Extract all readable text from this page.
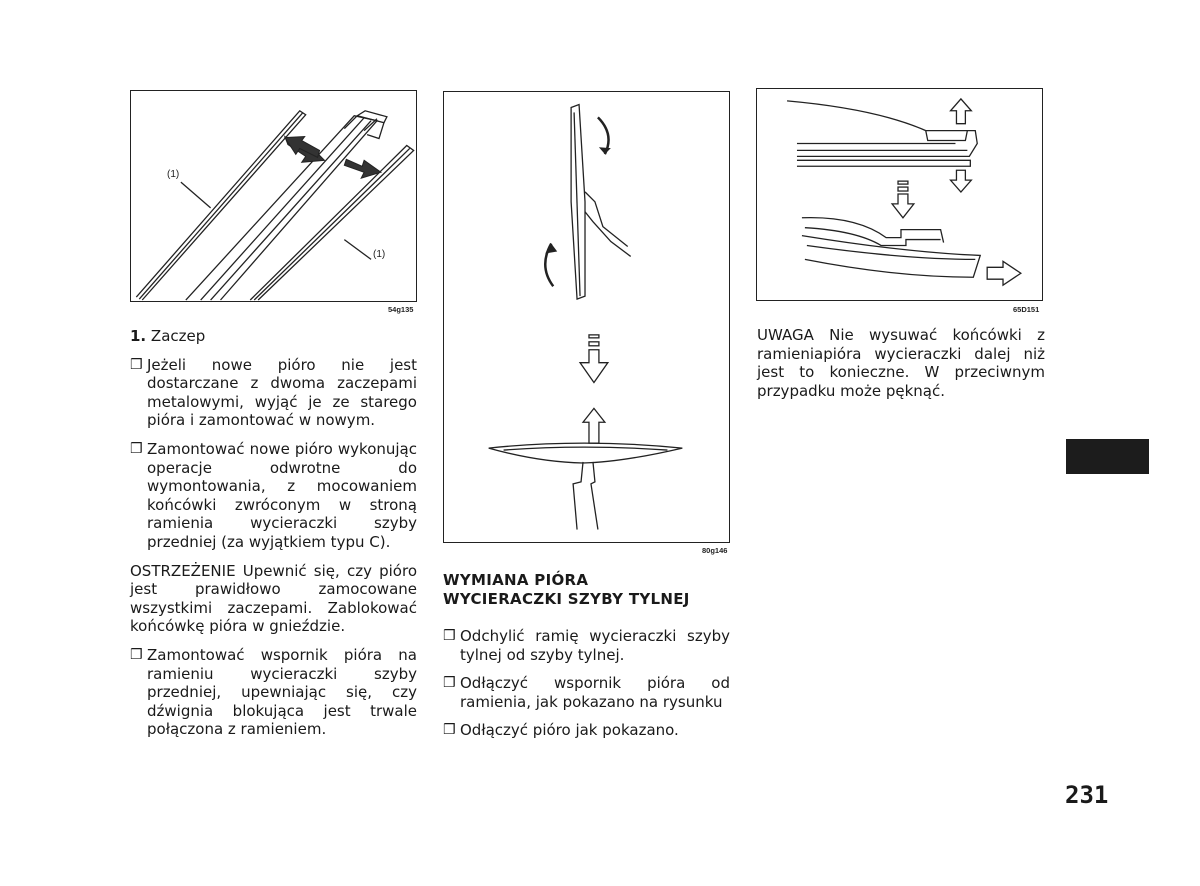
(1)
(1)
54g135
80g146
65D151

1. Zaczep

❒ Jeżeli nowe pióro nie jest dostarczane z dwoma zaczepami metalowymi, wyjąć je ze starego pióra i zamontować w nowym.
❒ Zamontować nowe pióro wykonując operacje odwrotne do wymontowania, z mocowaniem końcówki zwróconym w stroną ramienia wycieraczki szyby przedniej (za wyjątkiem typu C).

OSTRZEŻENIE Upewnić się, czy pióro jest prawidłowo zamocowane wszystkimi zaczepami. Zablokować końcówkę pióra w gnieździe.

❒ Zamontować wspornik pióra na ramieniu wycieraczki szyby przedniej, upewniając się, czy dźwignia blokująca jest trwale połączona z ramieniem.
WYMIANA PIÓRA
WYCIERACZKI SZYBY TYLNEJ
❒ Odchylić ramię wycieraczki szyby tylnej od szyby tylnej.
❒ Odłączyć wspornik pióra od ramienia, jak pokazano na rysunku
❒ Odłączyć pióro jak pokazano.

UWAGA Nie wysuwać końcówki z ramieniapióra wycieraczki dalej niż jest to konieczne. W przeciwnym przypadku może pęknąć.

231
